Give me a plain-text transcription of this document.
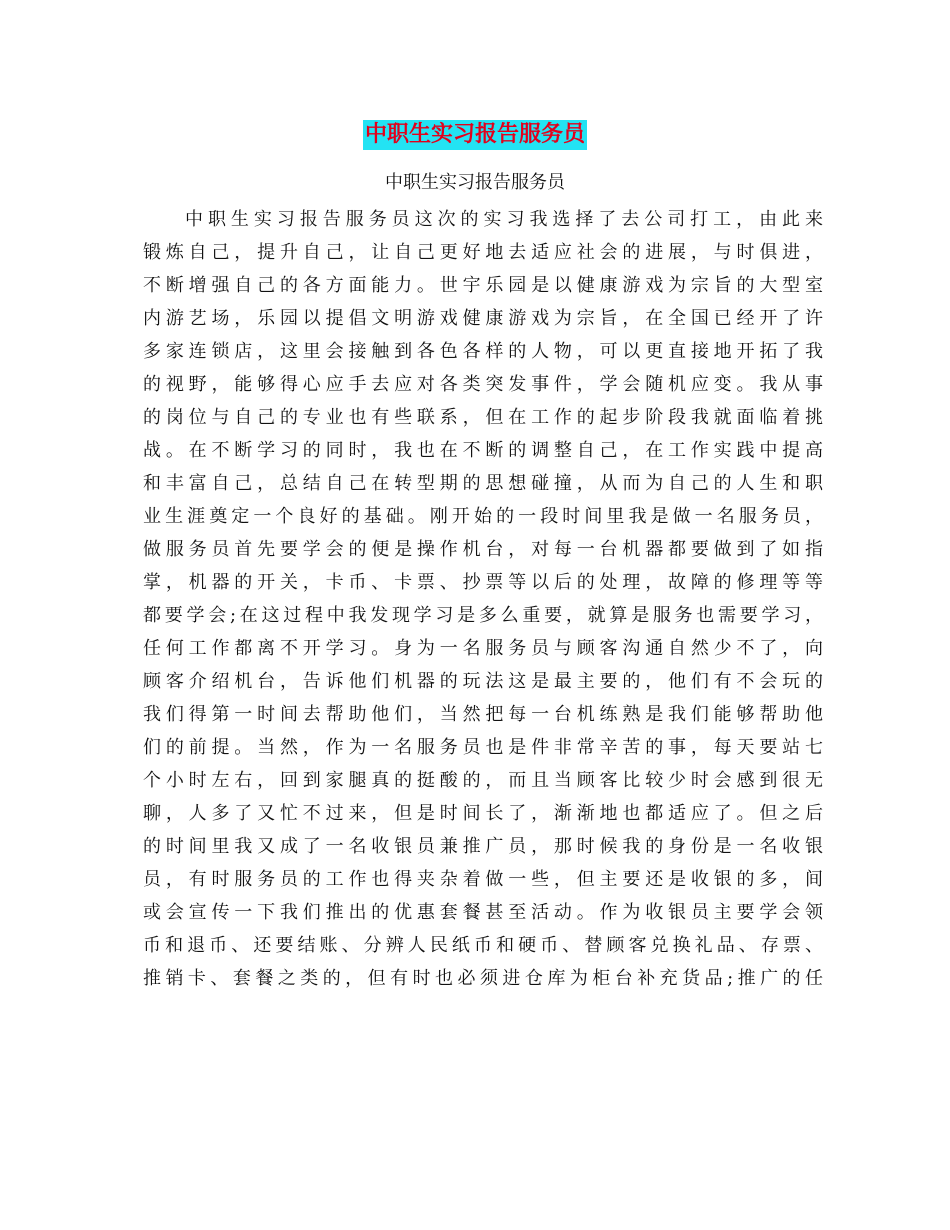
中职生实习报告服务员

中职生实习报告服务员

中职生实习报告服务员这次的实习我选择了去公司打工，由此来
锻炼自己，提升自己，让自己更好地去适应社会的进展，与时俱进，
不断增强自己的各方面能力。世宇乐园是以健康游戏为宗旨的大型室
内游艺场，乐园以提倡文明游戏健康游戏为宗旨，在全国已经开了许
多家连锁店，这里会接触到各色各样的人物，可以更直接地开拓了我
的视野，能够得心应手去应对各类突发事件，学会随机应变。我从事
的岗位与自己的专业也有些联系，但在工作的起步阶段我就面临着挑
战。在不断学习的同时，我也在不断的调整自己，在工作实践中提高
和丰富自己，总结自己在转型期的思想碰撞，从而为自己的人生和职
业生涯奠定一个良好的基础。刚开始的一段时间里我是做一名服务员，
做服务员首先要学会的便是操作机台，对每一台机器都要做到了如指
掌，机器的开关，卡币、卡票、抄票等以后的处理，故障的修理等等
都要学会;在这过程中我发现学习是多么重要，就算是服务也需要学习，
任何工作都离不开学习。身为一名服务员与顾客沟通自然少不了，向
顾客介绍机台，告诉他们机器的玩法这是最主要的，他们有不会玩的
我们得第一时间去帮助他们，当然把每一台机练熟是我们能够帮助他
们的前提。当然，作为一名服务员也是件非常辛苦的事，每天要站七
个小时左右，回到家腿真的挺酸的，而且当顾客比较少时会感到很无
聊，人多了又忙不过来，但是时间长了，渐渐地也都适应了。但之后
的时间里我又成了一名收银员兼推广员，那时候我的身份是一名收银
员，有时服务员的工作也得夹杂着做一些，但主要还是收银的多，间
或会宣传一下我们推出的优惠套餐甚至活动。作为收银员主要学会领
币和退币、还要结账、分辨人民纸币和硬币、替顾客兑换礼品、存票、
推销卡、套餐之类的，但有时也必须进仓库为柜台补充货品;推广的任
